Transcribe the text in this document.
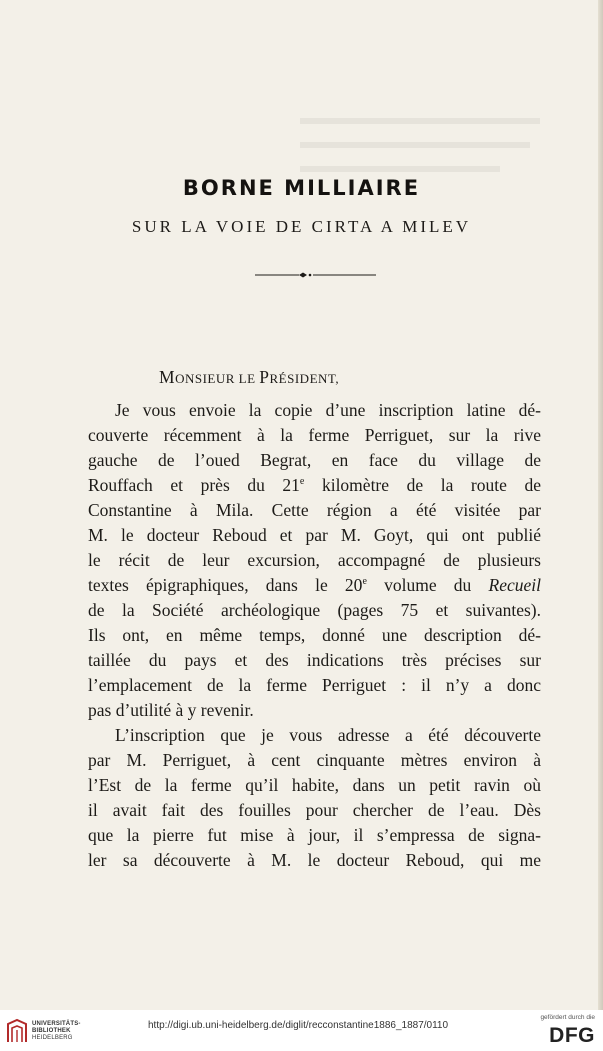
BORNE MILLIAIRE
SUR LA VOIE DE CIRTA A MILEV
MONSIEUR LE PRÉSIDENT,
Je vous envoie la copie d’une inscription latine dé-
couverte récemment à la ferme Perriguet, sur la rive
gauche de l’oued Begrat, en face du village de
Rouffach et près du 21e kilomètre de la route de
Constantine à Mila. Cette région a été visitée par
M. le docteur Reboud et par M. Goyt, qui ont publié
le récit de leur excursion, accompagné de plusieurs
textes épigraphiques, dans le 20e volume du Recueil
de la Société archéologique (pages 75 et suivantes).
Ils ont, en même temps, donné une description dé-
taillée du pays et des indications très précises sur
l’emplacement de la ferme Perriguet : il n’y a donc
pas d’utilité à y revenir.
L’inscription que je vous adresse a été découverte
par M. Perriguet, à cent cinquante mètres environ à
l’Est de la ferme qu’il habite, dans un petit ravin où
il avait fait des fouilles pour chercher de l’eau. Dès
que la pierre fut mise à jour, il s’empressa de signa-
ler sa découverte à M. le docteur Reboud, qui me
UNIVERSITÄTS-
BIBLIOTHEK
HEIDELBERG
http://digi.ub.uni-heidelberg.de/diglit/recconstantine1886_1887/0110
gefördert durch die
DFG
